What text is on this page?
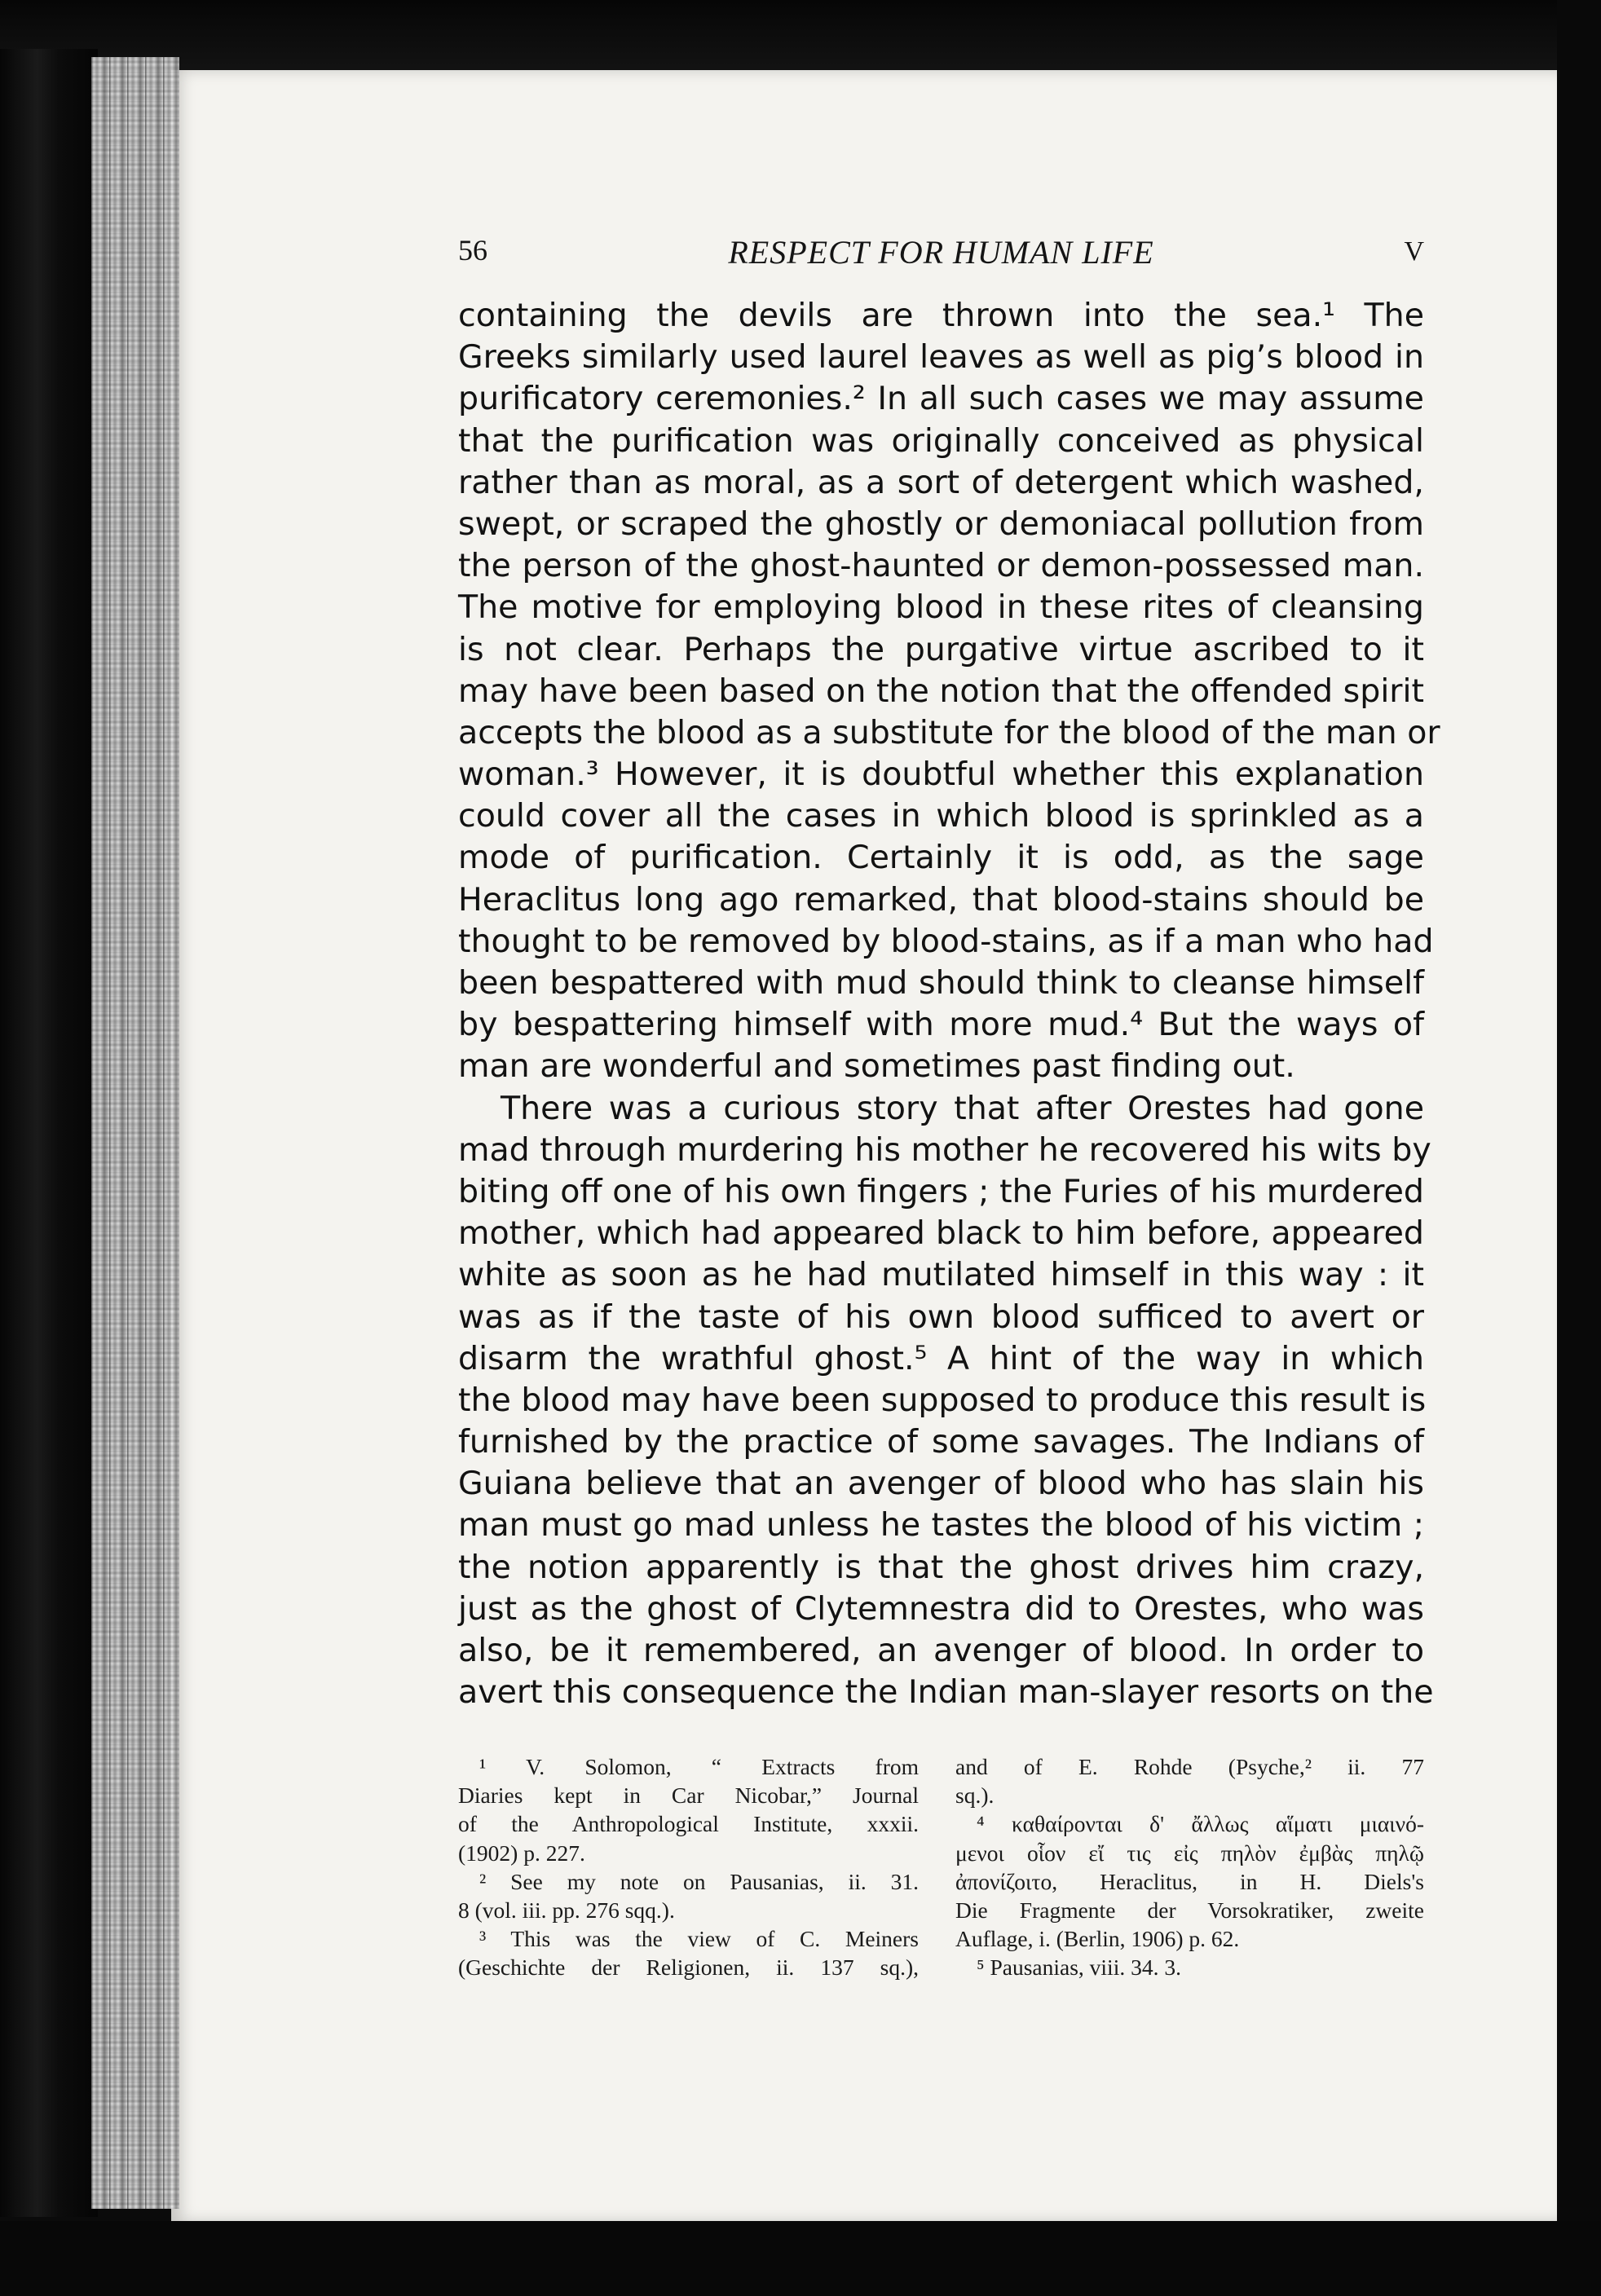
56	RESPECT FOR HUMAN LIFE	V
containing the devils are thrown into the sea.¹ The
Greeks similarly used laurel leaves as well as pig’s blood in
purificatory ceremonies.² In all such cases we may assume
that the purification was originally conceived as physical
rather than as moral, as a sort of detergent which washed,
swept, or scraped the ghostly or demoniacal pollution from
the person of the ghost-haunted or demon-possessed man.
The motive for employing blood in these rites of cleansing
is not clear. Perhaps the purgative virtue ascribed to it
may have been based on the notion that the offended spirit
accepts the blood as a substitute for the blood of the man or
woman.³ However, it is doubtful whether this explanation
could cover all the cases in which blood is sprinkled as a
mode of purification. Certainly it is odd, as the sage
Heraclitus long ago remarked, that blood-stains should be
thought to be removed by blood-stains, as if a man who had
been bespattered with mud should think to cleanse himself
by bespattering himself with more mud.⁴ But the ways of
man are wonderful and sometimes past finding out.
There was a curious story that after Orestes had gone
mad through murdering his mother he recovered his wits by
biting off one of his own fingers ; the Furies of his murdered
mother, which had appeared black to him before, appeared
white as soon as he had mutilated himself in this way : it
was as if the taste of his own blood sufficed to avert or
disarm the wrathful ghost.⁵ A hint of the way in which
the blood may have been supposed to produce this result is
furnished by the practice of some savages. The Indians of
Guiana believe that an avenger of blood who has slain his
man must go mad unless he tastes the blood of his victim ;
the notion apparently is that the ghost drives him crazy,
just as the ghost of Clytemnestra did to Orestes, who was
also, be it remembered, an avenger of blood. In order to
avert this consequence the Indian man-slayer resorts on the
¹ V. Solomon, “ Extracts from
Diaries kept in Car Nicobar,” Journal
of the Anthropological Institute, xxxii.
(1902) p. 227.
² See my note on Pausanias, ii. 31.
8 (vol. iii. pp. 276 sqq.).
³ This was the view of C. Meiners
(Geschichte der Religionen, ii. 137 sq.),
and of E. Rohde (Psyche,² ii. 77
sq.).
⁴ καθαίρονται δ' ἄλλως αἵματι μιαινό-
μενοι οἷον εἴ τις εἰς πηλὸν ἐμβὰς πηλῷ
ἀπονίζοιτο, Heraclitus, in H. Diels's
Die Fragmente der Vorsokratiker, zweite
Auflage, i. (Berlin, 1906) p. 62.
⁵ Pausanias, viii. 34. 3.
